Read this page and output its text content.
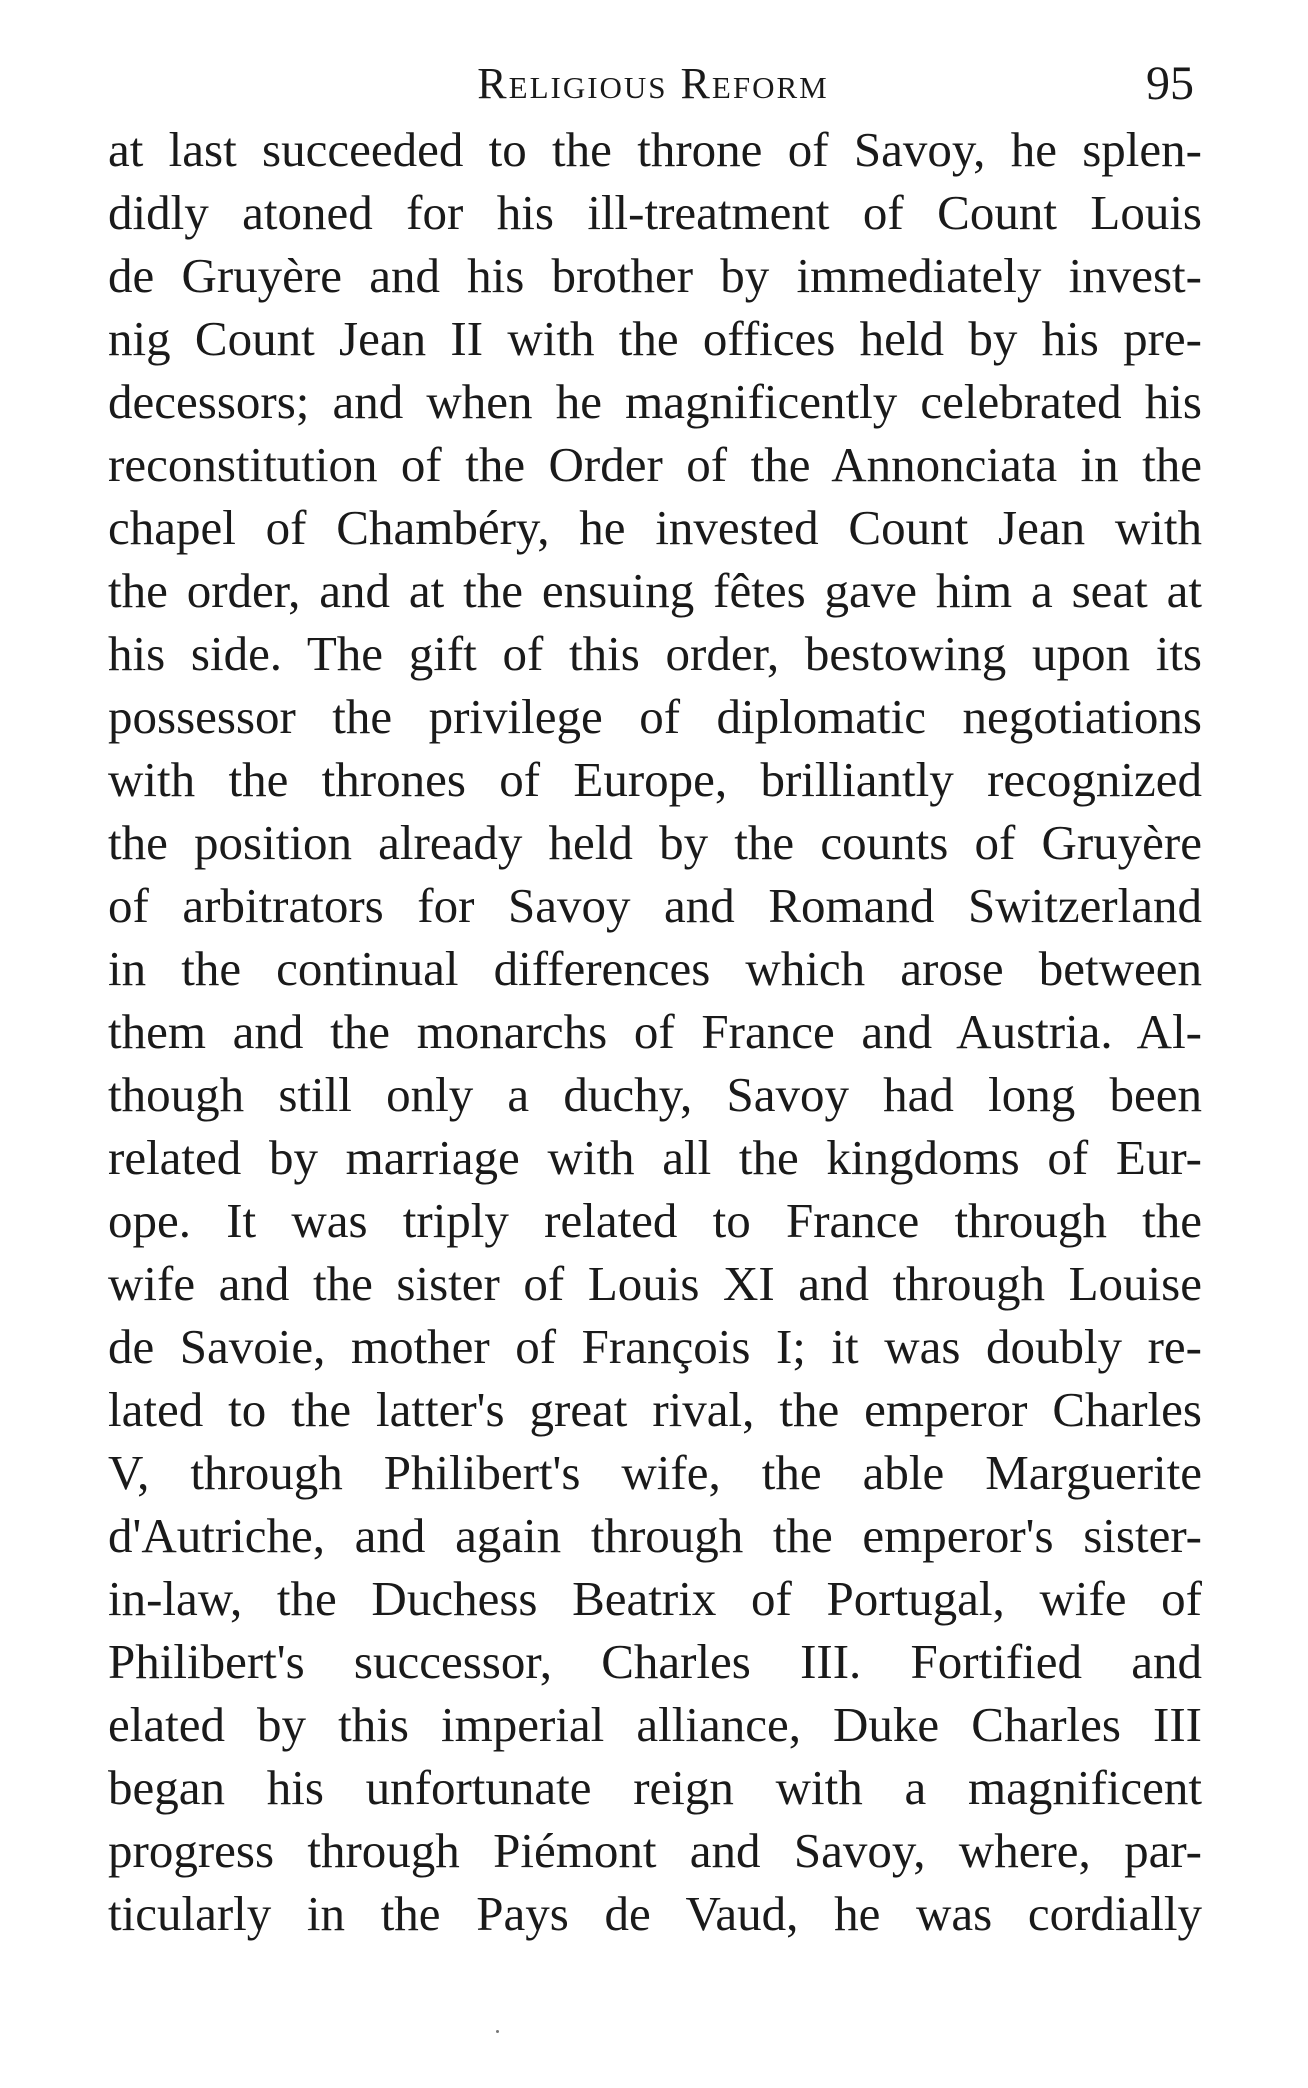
Religious Reform	95
at last succeeded to the throne of Savoy, he splen-
didly atoned for his ill-treatment of Count Louis
de Gruyère and his brother by immediately invest-
nig Count Jean II with the offices held by his pre-
decessors; and when he magnificently celebrated his
reconstitution of the Order of the Annonciata in the
chapel of Chambéry, he invested Count Jean with
the order, and at the ensuing fêtes gave him a seat at
his side. The gift of this order, bestowing upon its
possessor the privilege of diplomatic negotiations
with the thrones of Europe, brilliantly recognized
the position already held by the counts of Gruyère
of arbitrators for Savoy and Romand Switzerland
in the continual differences which arose between
them and the monarchs of France and Austria. Al-
though still only a duchy, Savoy had long been
related by marriage with all the kingdoms of Eur-
ope. It was triply related to France through the
wife and the sister of Louis XI and through Louise
de Savoie, mother of François I; it was doubly re-
lated to the latter's great rival, the emperor Charles
V, through Philibert's wife, the able Marguerite
d'Autriche, and again through the emperor's sister-
in-law, the Duchess Beatrix of Portugal, wife of
Philibert's successor, Charles III. Fortified and
elated by this imperial alliance, Duke Charles III
began his unfortunate reign with a magnificent
progress through Piémont and Savoy, where, par-
ticularly in the Pays de Vaud, he was cordially
